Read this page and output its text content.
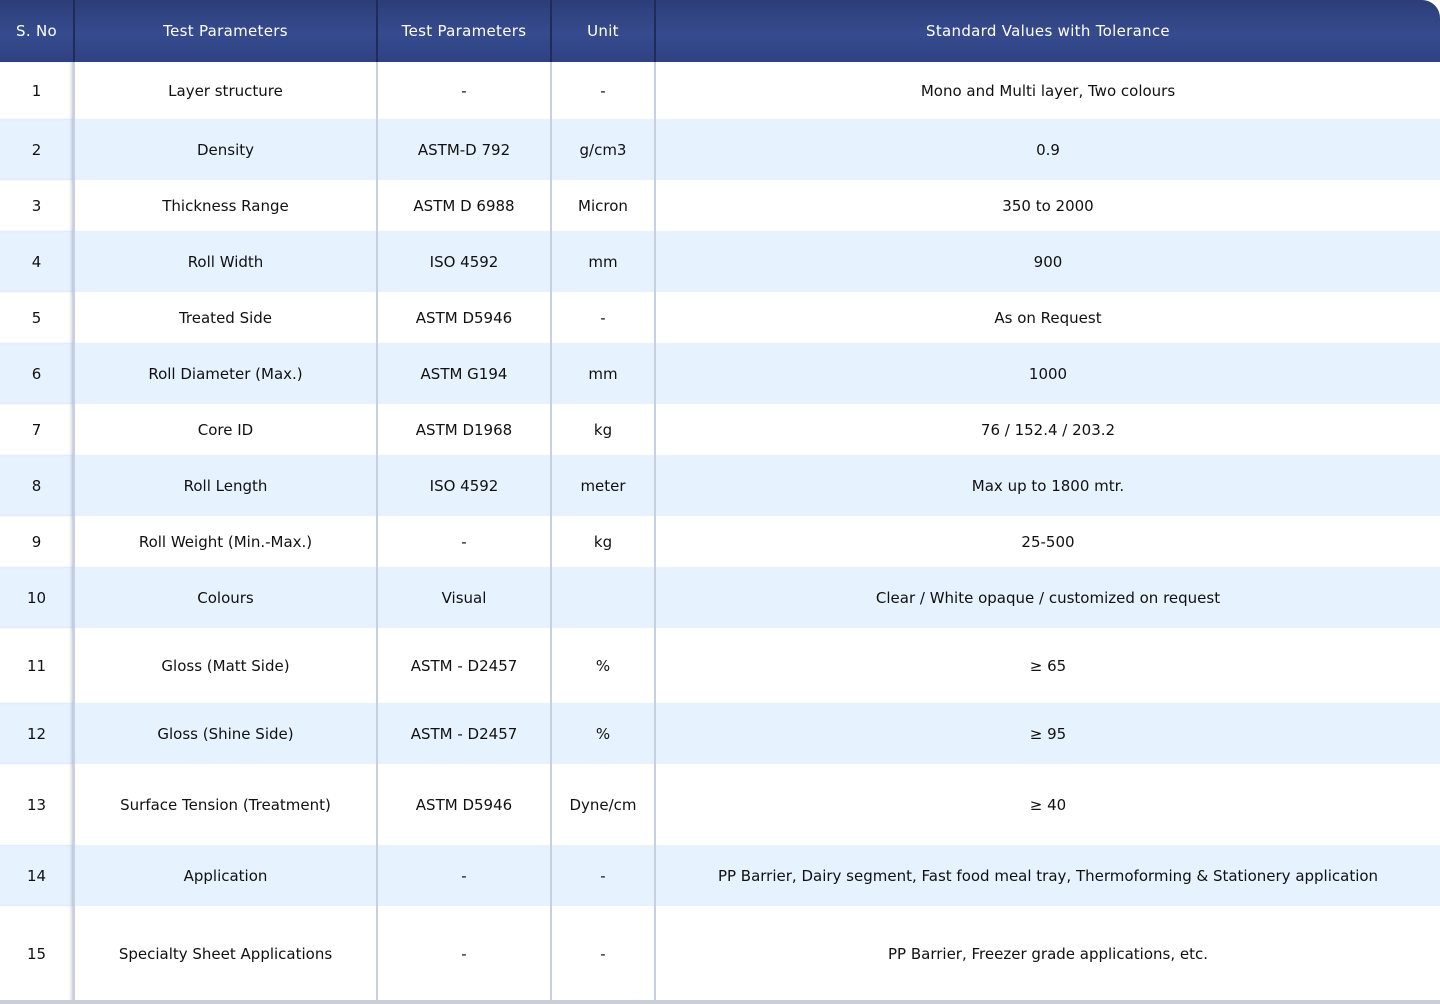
S. No	Test Parameters	Test Parameters	Unit	Standard Values with Tolerance
1	Layer structure	-	-	Mono and Multi layer, Two colours
2	Density	ASTM-D 792	g/cm3	0.9
3	Thickness Range	ASTM D 6988	Micron	350 to 2000
4	Roll Width	ISO 4592	mm	900
5	Treated Side	ASTM D5946	-	As on Request
6	Roll Diameter (Max.)	ASTM G194	mm	1000
7	Core ID	ASTM D1968	kg	76 / 152.4 / 203.2
8	Roll Length	ISO 4592	meter	Max up to 1800 mtr.
9	Roll Weight (Min.-Max.)	-	kg	25-500
10	Colours	Visual		Clear / White opaque / customized on request
11	Gloss (Matt Side)	ASTM - D2457	%	≥ 65
12	Gloss (Shine Side)	ASTM - D2457	%	≥ 95
13	Surface Tension (Treatment)	ASTM D5946	Dyne/cm	≥ 40
14	Application	-	-	PP Barrier, Dairy segment, Fast food meal tray, Thermoforming & Stationery application
15	Specialty Sheet Applications	-	-	PP Barrier, Freezer grade applications, etc.
